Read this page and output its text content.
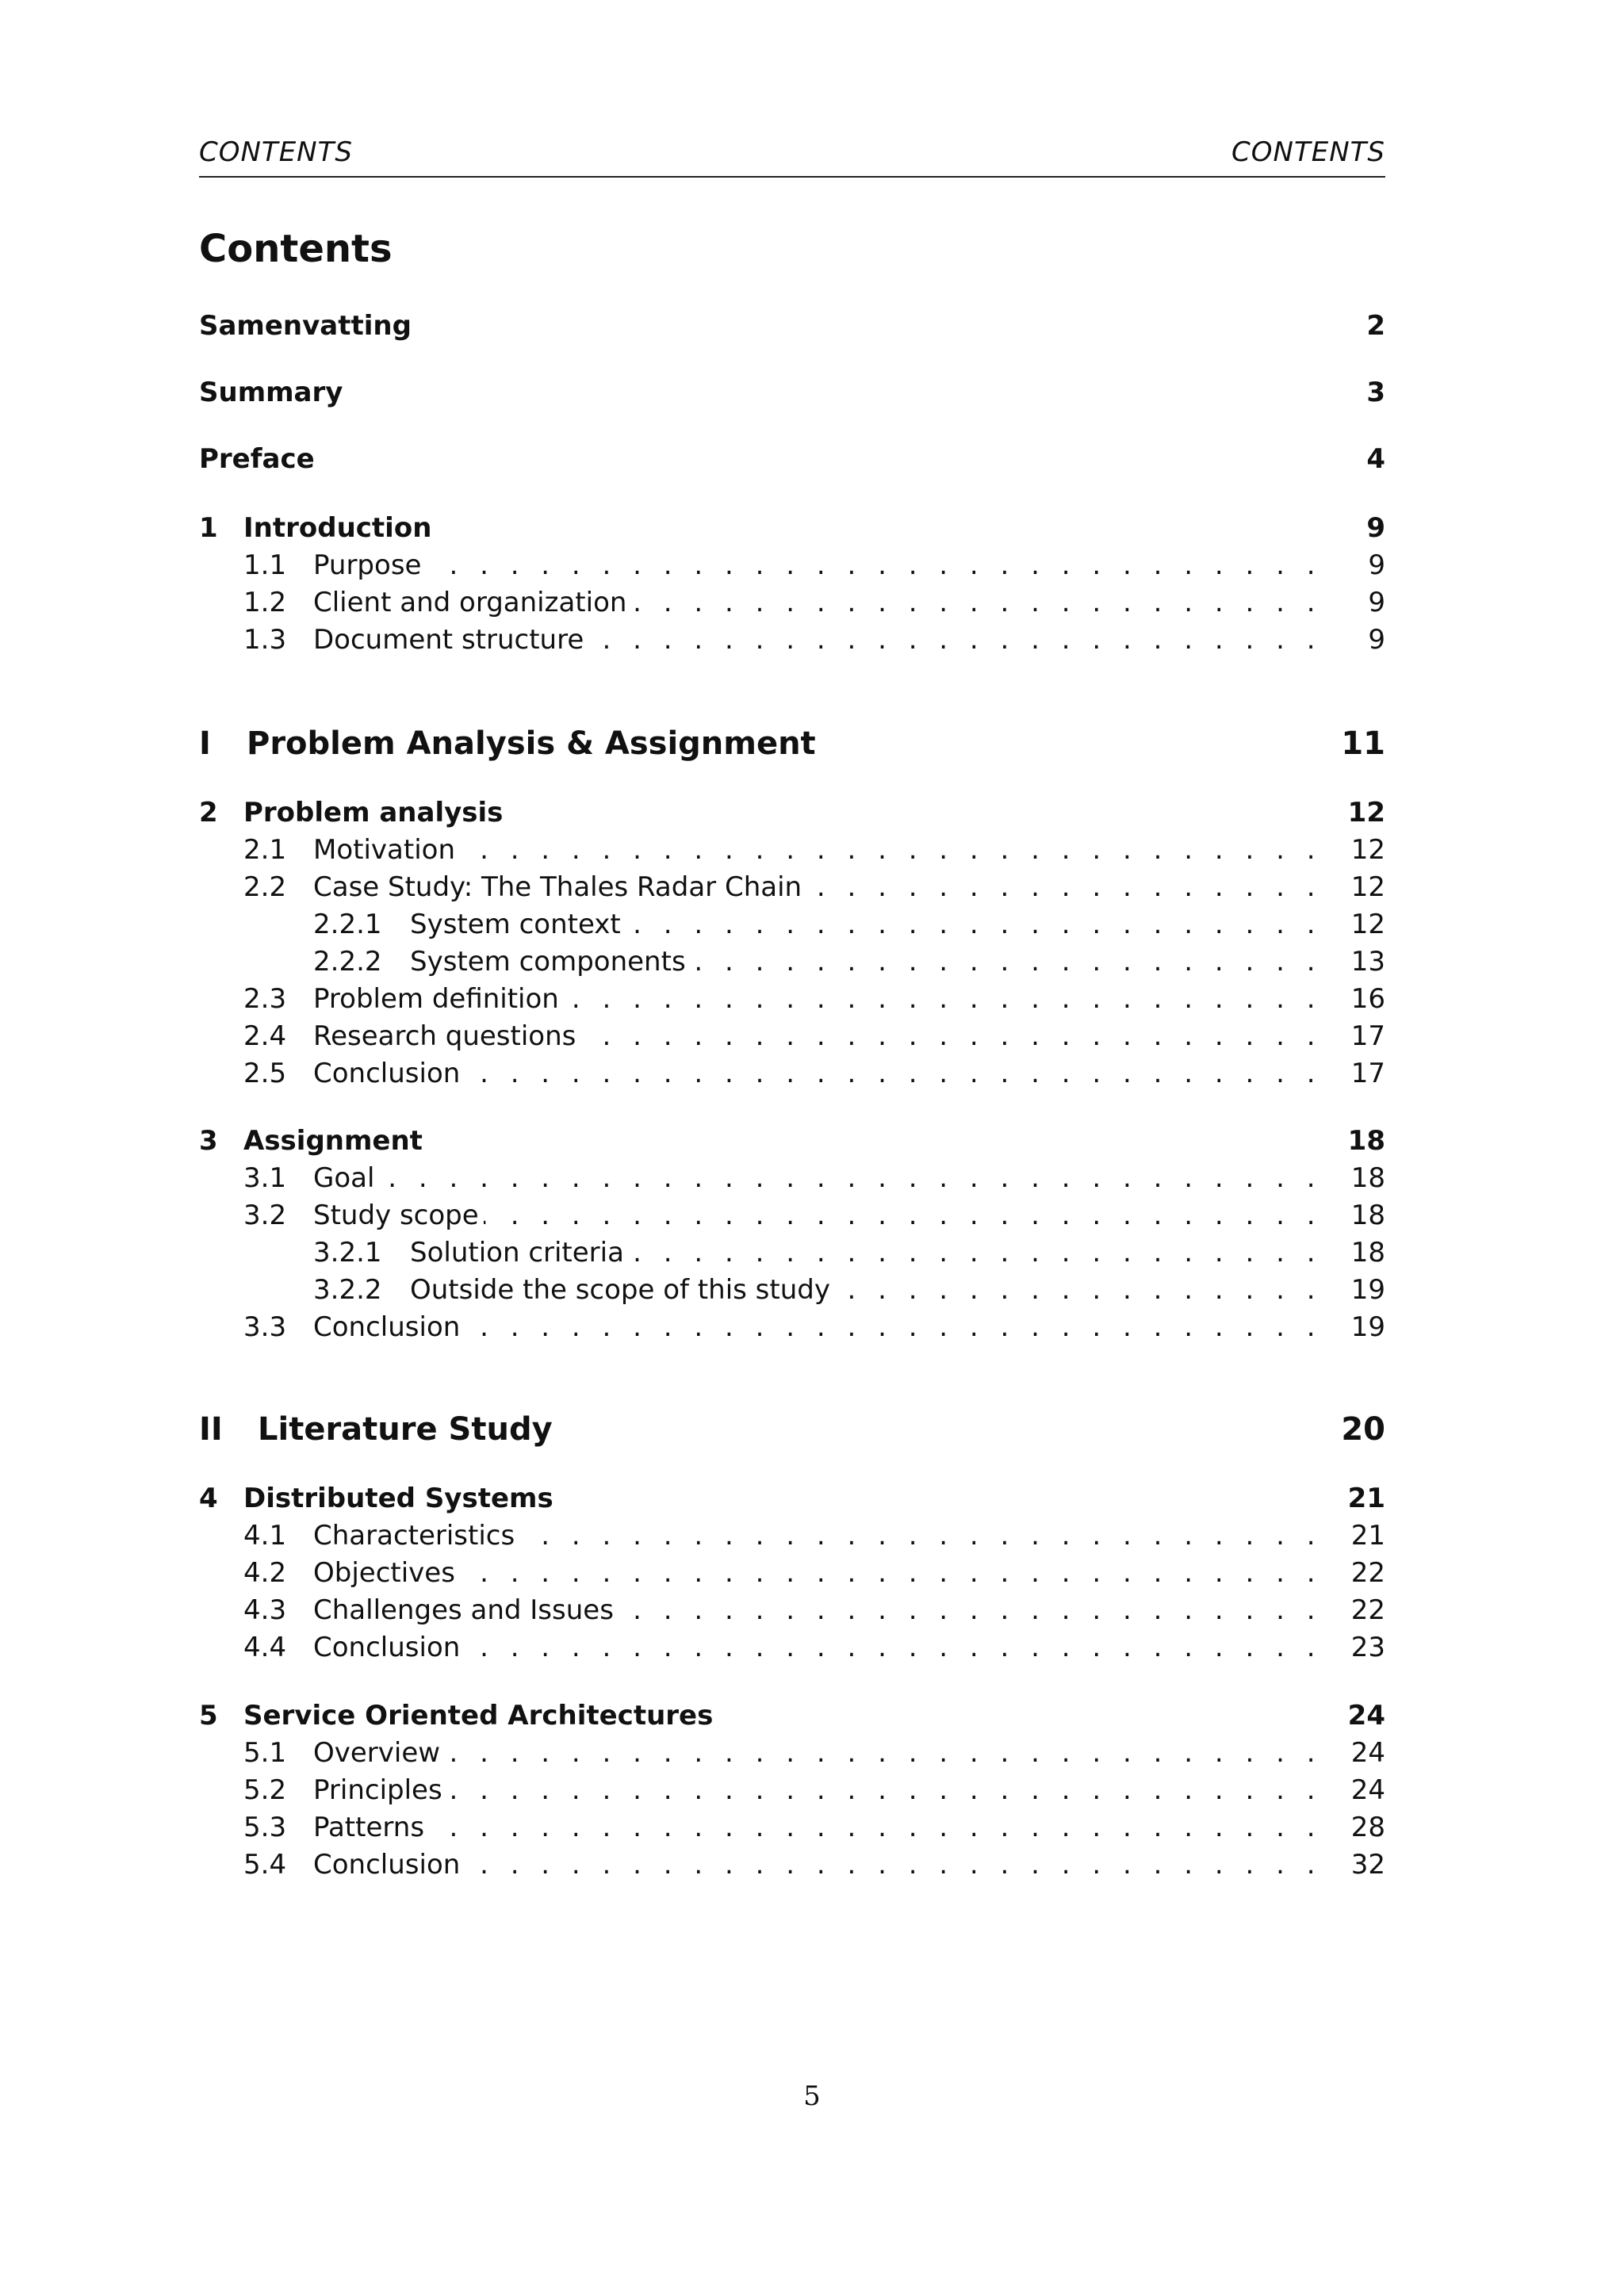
CONTENTS	CONTENTS
Contents
Samenvatting	2
Summary	3
Preface	4
1 Introduction	9
1.1 Purpose . . .	9
1.2 Client and organization . . .	9
1.3 Document structure . . .	9
I	Problem Analysis & Assignment	11
2 Problem analysis	12
2.1 Motivation . . .	12
2.2 Case Study: The Thales Radar Chain . . .	12
2.2.1	System context . . .	12
2.2.2	System components . . .	13
2.3 Problem definition . . .	16
2.4 Research questions . . .	17
2.5 Conclusion . . .	17
3 Assignment	18
3.1 Goal . . .	18
3.2 Study scope . . .	18
3.2.1	Solution criteria . . .	18
3.2.2	Outside the scope of this study . . .	19
3.3 Conclusion . . .	19
II	Literature Study	20
4 Distributed Systems	21
4.1 Characteristics . . .	21
4.2 Objectives . . .	22
4.3 Challenges and Issues . . .	22
4.4 Conclusion . . .	23
5 Service Oriented Architectures	24
5.1 Overview . . .	24
5.2 Principles . . .	24
5.3 Patterns . . .	28
5.4 Conclusion . . .	32
5
